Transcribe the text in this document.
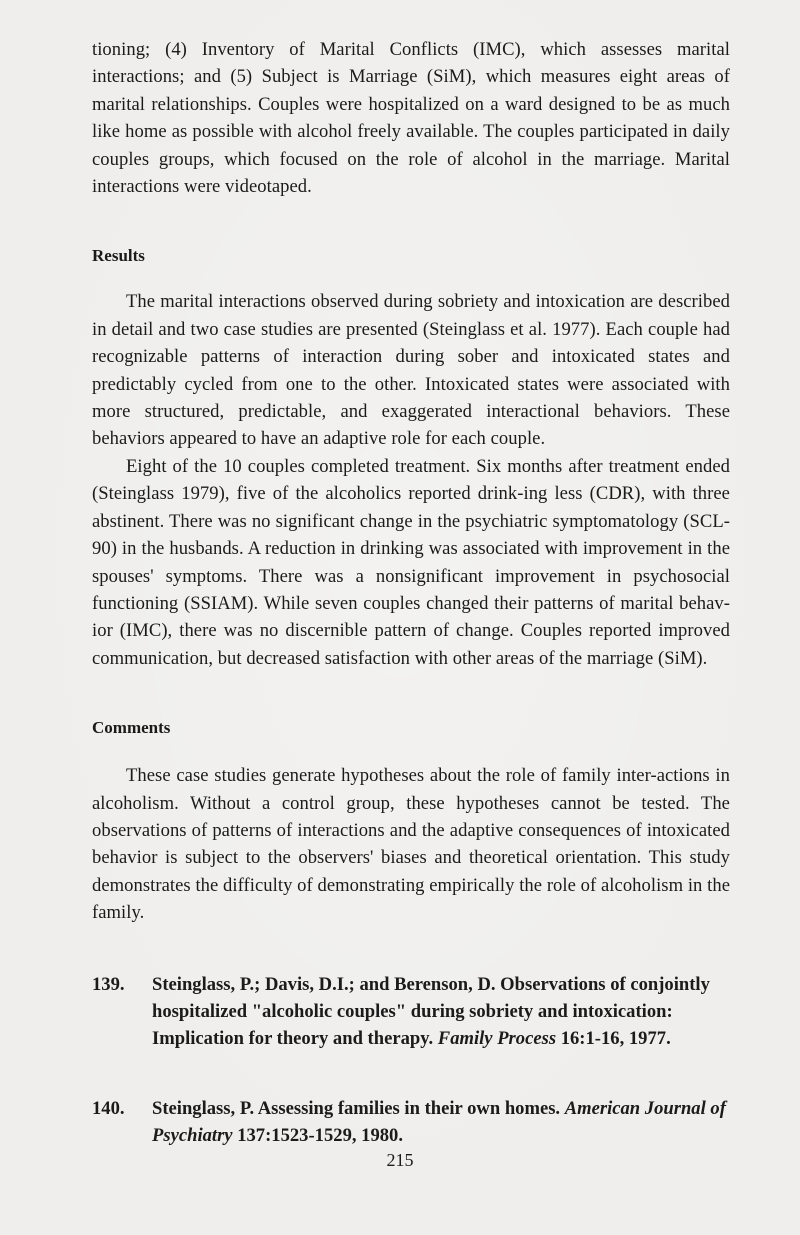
tioning; (4) Inventory of Marital Conflicts (IMC), which assesses marital interactions; and (5) Subject is Marriage (SiM), which measures eight areas of marital relationships. Couples were hospitalized on a ward designed to be as much like home as possible with alcohol freely available. The couples participated in daily couples groups, which focused on the role of alcohol in the marriage. Marital interactions were videotaped.

Results

The marital interactions observed during sobriety and intoxication are described in detail and two case studies are presented (Steinglass et al. 1977). Each couple had recognizable patterns of interaction during sober and intoxicated states and predictably cycled from one to the other. Intoxicated states were associated with more structured, predictable, and exaggerated interactional behaviors. These behaviors appeared to have an adaptive role for each couple.

Eight of the 10 couples completed treatment. Six months after treatment ended (Steinglass 1979), five of the alcoholics reported drink-ing less (CDR), with three abstinent. There was no significant change in the psychiatric symptomatology (SCL-90) in the husbands. A reduction in drinking was associated with improvement in the spouses' symptoms. There was a nonsignificant improvement in psychosocial functioning (SSIAM). While seven couples changed their patterns of marital behav-ior (IMC), there was no discernible pattern of change. Couples reported improved communication, but decreased satisfaction with other areas of the marriage (SiM).

Comments

These case studies generate hypotheses about the role of family inter-actions in alcoholism. Without a control group, these hypotheses cannot be tested. The observations of patterns of interactions and the adaptive consequences of intoxicated behavior is subject to the observers' biases and theoretical orientation. This study demonstrates the difficulty of demonstrating empirically the role of alcoholism in the family.

139.	Steinglass, P.; Davis, D.I.; and Berenson, D. Observations of conjointly hospitalized "alcoholic couples" during sobriety and intoxication: Implication for theory and therapy. Family Process 16:1-16, 1977.
140.	Steinglass, P. Assessing families in their own homes. American Journal of Psychiatry 137:1523-1529, 1980.
215
